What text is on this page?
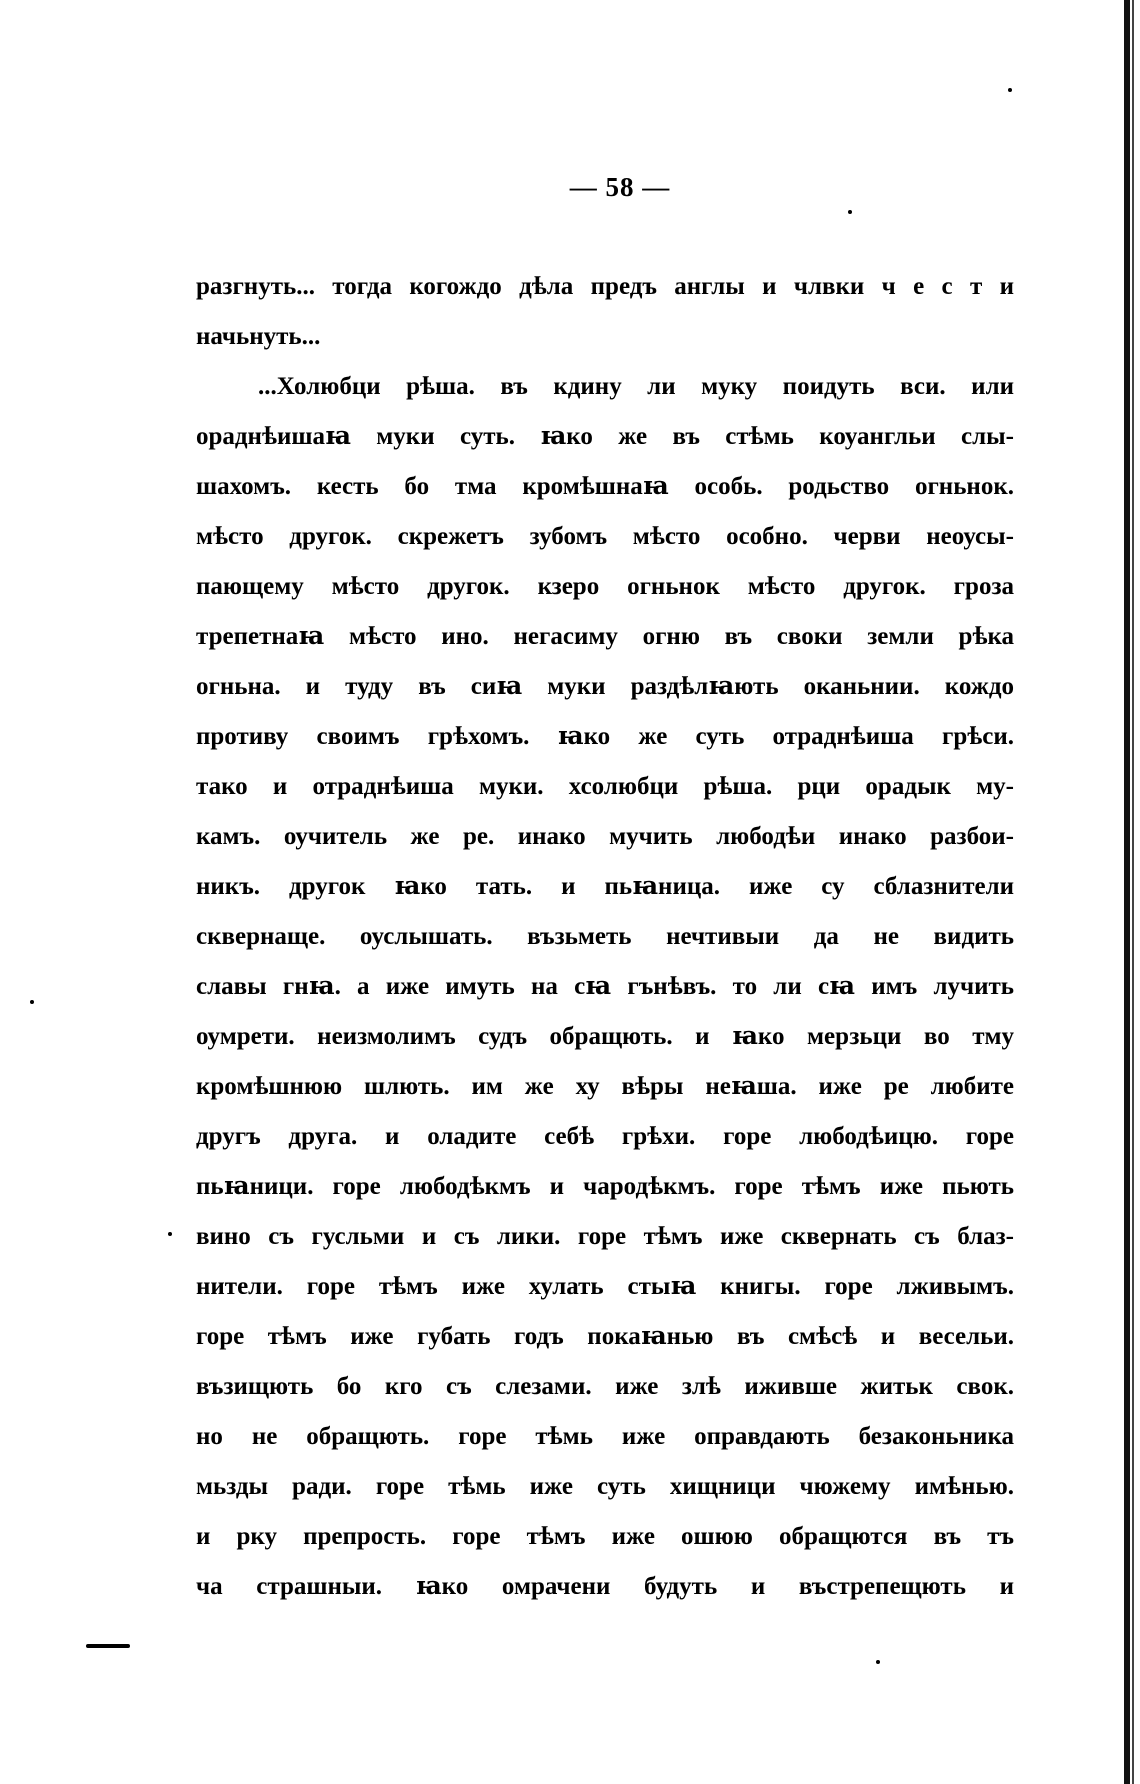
— 58 —
разгнуть... тогда когождо дѣла предъ англы и члвки ч е с т и
начьнуть...
...Холюбци рѣша. въ кдину ли муку поидуть вси. или
ораднѣишаꙗ муки суть. ꙗко же въ стѣмь коуангльи слы-
шахомъ. кесть бо тма кромѣшнаꙗ особь. родьство огньнок.
мѣсто другок. скрежетъ зубомъ мѣсто особно. черви неоусы-
пающему мѣсто другок. кзеро огньнок мѣсто другок. гроза
трепетнаꙗ мѣсто ино. негасиму огню въ своки земли рѣка
огньна. и туду въ сиꙗ муки раздѣлꙗють оканьнии. кождо
противу своимъ грѣхомъ. ꙗко же суть отраднѣиша грѣси.
тако и отраднѣиша муки. хсолюбци рѣша. рци орадык му-
камъ. оучитель же ре. инако мучить любодѣи инако разбои-
никъ. другок ꙗко тать. и пьꙗница. иже су сблазнители
сквернаще. оуслышать. възьметь нечтивыи да не видить
славы гнꙗ. а иже имуть на сꙗ гънѣвъ. то ли сꙗ имъ лучить
оумрети. неизмолимъ судъ обращють. и ꙗко мерзьци во тму
кромѣшнюю шлють. им же ху вѣры неꙗша. иже ре любите
другъ друга. и оладите себѣ грѣхи. горе любодѣицю. горе
пьꙗници. горе любодѣкмъ и чародѣкмъ. горе тѣмъ иже пьють
вино съ гусльми и съ лики. горе тѣмъ иже сквернать съ блаз-
нители. горе тѣмъ иже хулать стыꙗ книгы. горе лживымъ.
горе тѣмъ иже губать годъ покаꙗнью въ смѣсѣ и весельи.
възищють бо кго съ слезами. иже злѣ ижившe житьк свок.
но не обращють. горе тѣмь иже оправдають безаконьника
мьзды ради. горе тѣмь иже суть хищници чюжему имѣнью.
и рку препрость. горе тѣмъ иже ошюю обращются въ тъ
ча страшныи. ꙗко омрачени будуть и въстрепещють и
